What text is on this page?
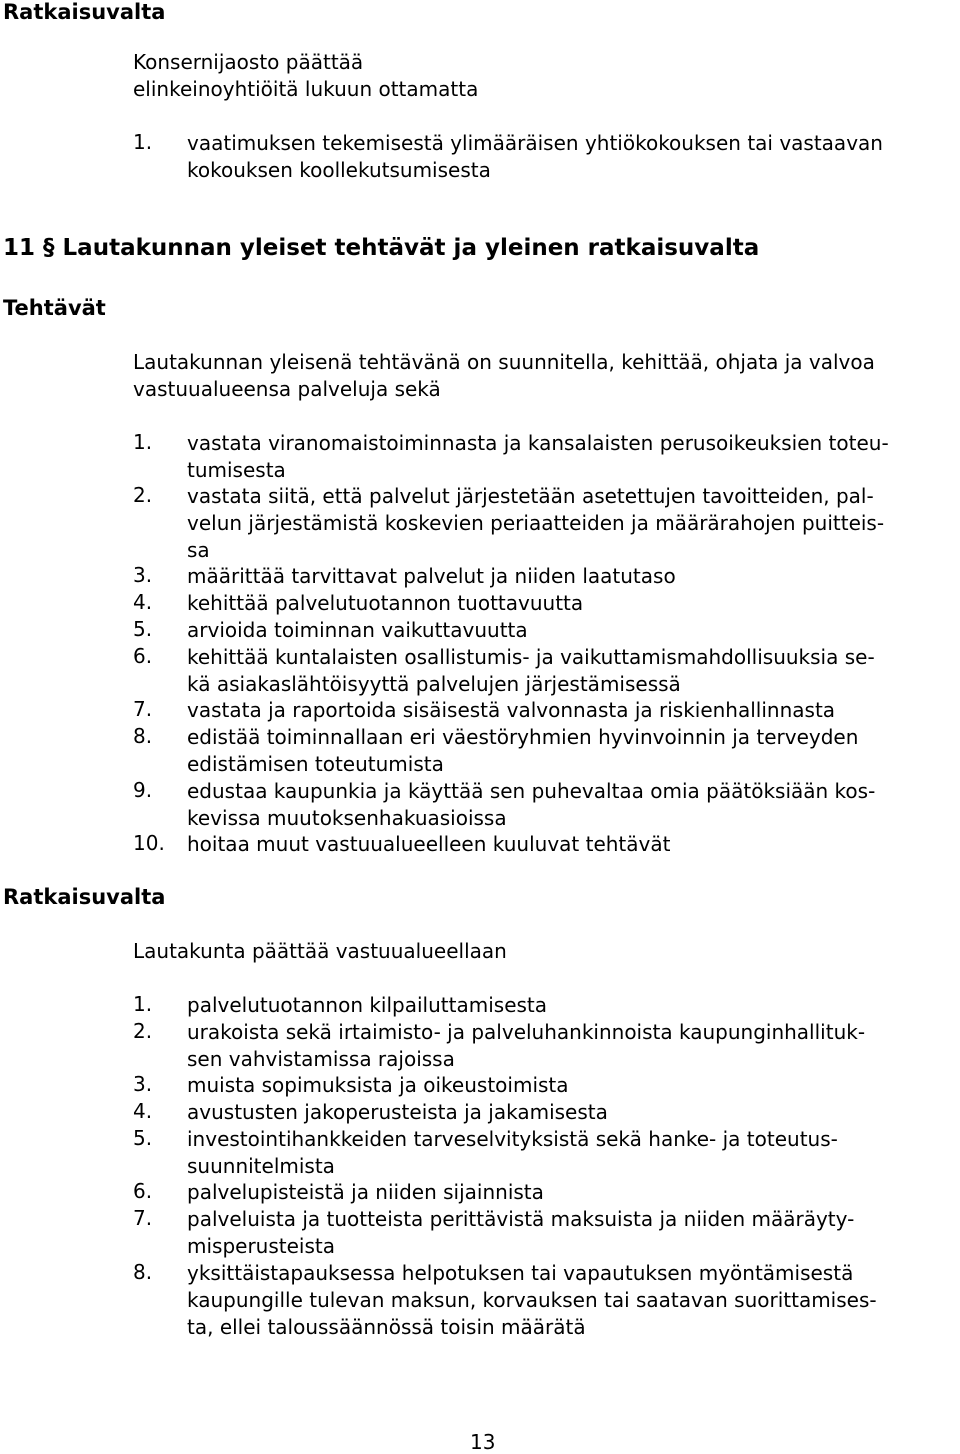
Ratkaisuvalta
Konsernijaosto päättää
elinkeinoyhtiöitä lukuun ottamatta
1. vaatimuksen tekemisestä ylimääräisen yhtiökokouksen tai vastaavan
kokouksen koollekutsumisesta
11 § Lautakunnan yleiset tehtävät ja yleinen ratkaisuvalta
Tehtävät
Lautakunnan yleisenä tehtävänä on suunnitella, kehittää, ohjata ja valvoa
vastuualueensa palveluja sekä
1. vastata viranomaistoiminnasta ja kansalaisten perusoikeuksien toteu-
tumisesta
2. vastata siitä, että palvelut järjestetään asetettujen tavoitteiden, pal-
velun järjestämistä koskevien periaatteiden ja määrärahojen puitteis-
sa
3. määrittää tarvittavat palvelut ja niiden laatutaso
4. kehittää palvelutuotannon tuottavuutta
5. arvioida toiminnan vaikuttavuutta
6. kehittää kuntalaisten osallistumis- ja vaikuttamismahdollisuuksia se-
kä asiakaslähtöisyyttä palvelujen järjestämisessä
7. vastata ja raportoida sisäisestä valvonnasta ja riskienhallinnasta
8. edistää toiminnallaan eri väestöryhmien hyvinvoinnin ja terveyden
edistämisen toteutumista
9. edustaa kaupunkia ja käyttää sen puhevaltaa omia päätöksiään kos-
kevissa muutoksenhakuasioissa
10. hoitaa muut vastuualueelleen kuuluvat tehtävät
Ratkaisuvalta
Lautakunta päättää vastuualueellaan
1. palvelutuotannon kilpailuttamisesta
2. urakoista sekä irtaimisto- ja palveluhankinnoista kaupunginhallituk-
sen vahvistamissa rajoissa
3. muista sopimuksista ja oikeustoimista
4. avustusten jakoperusteista ja jakamisesta
5. investointihankkeiden tarveselvityksistä sekä hanke- ja toteutus-
suunnitelmista
6. palvelupisteistä ja niiden sijainnista
7. palveluista ja tuotteista perittävistä maksuista ja niiden määräyty-
misperusteista
8. yksittäistapauksessa helpotuksen tai vapautuksen myöntämisestä
kaupungille tulevan maksun, korvauksen tai saatavan suorittamises-
ta, ellei taloussäännössä toisin määrätä
13
